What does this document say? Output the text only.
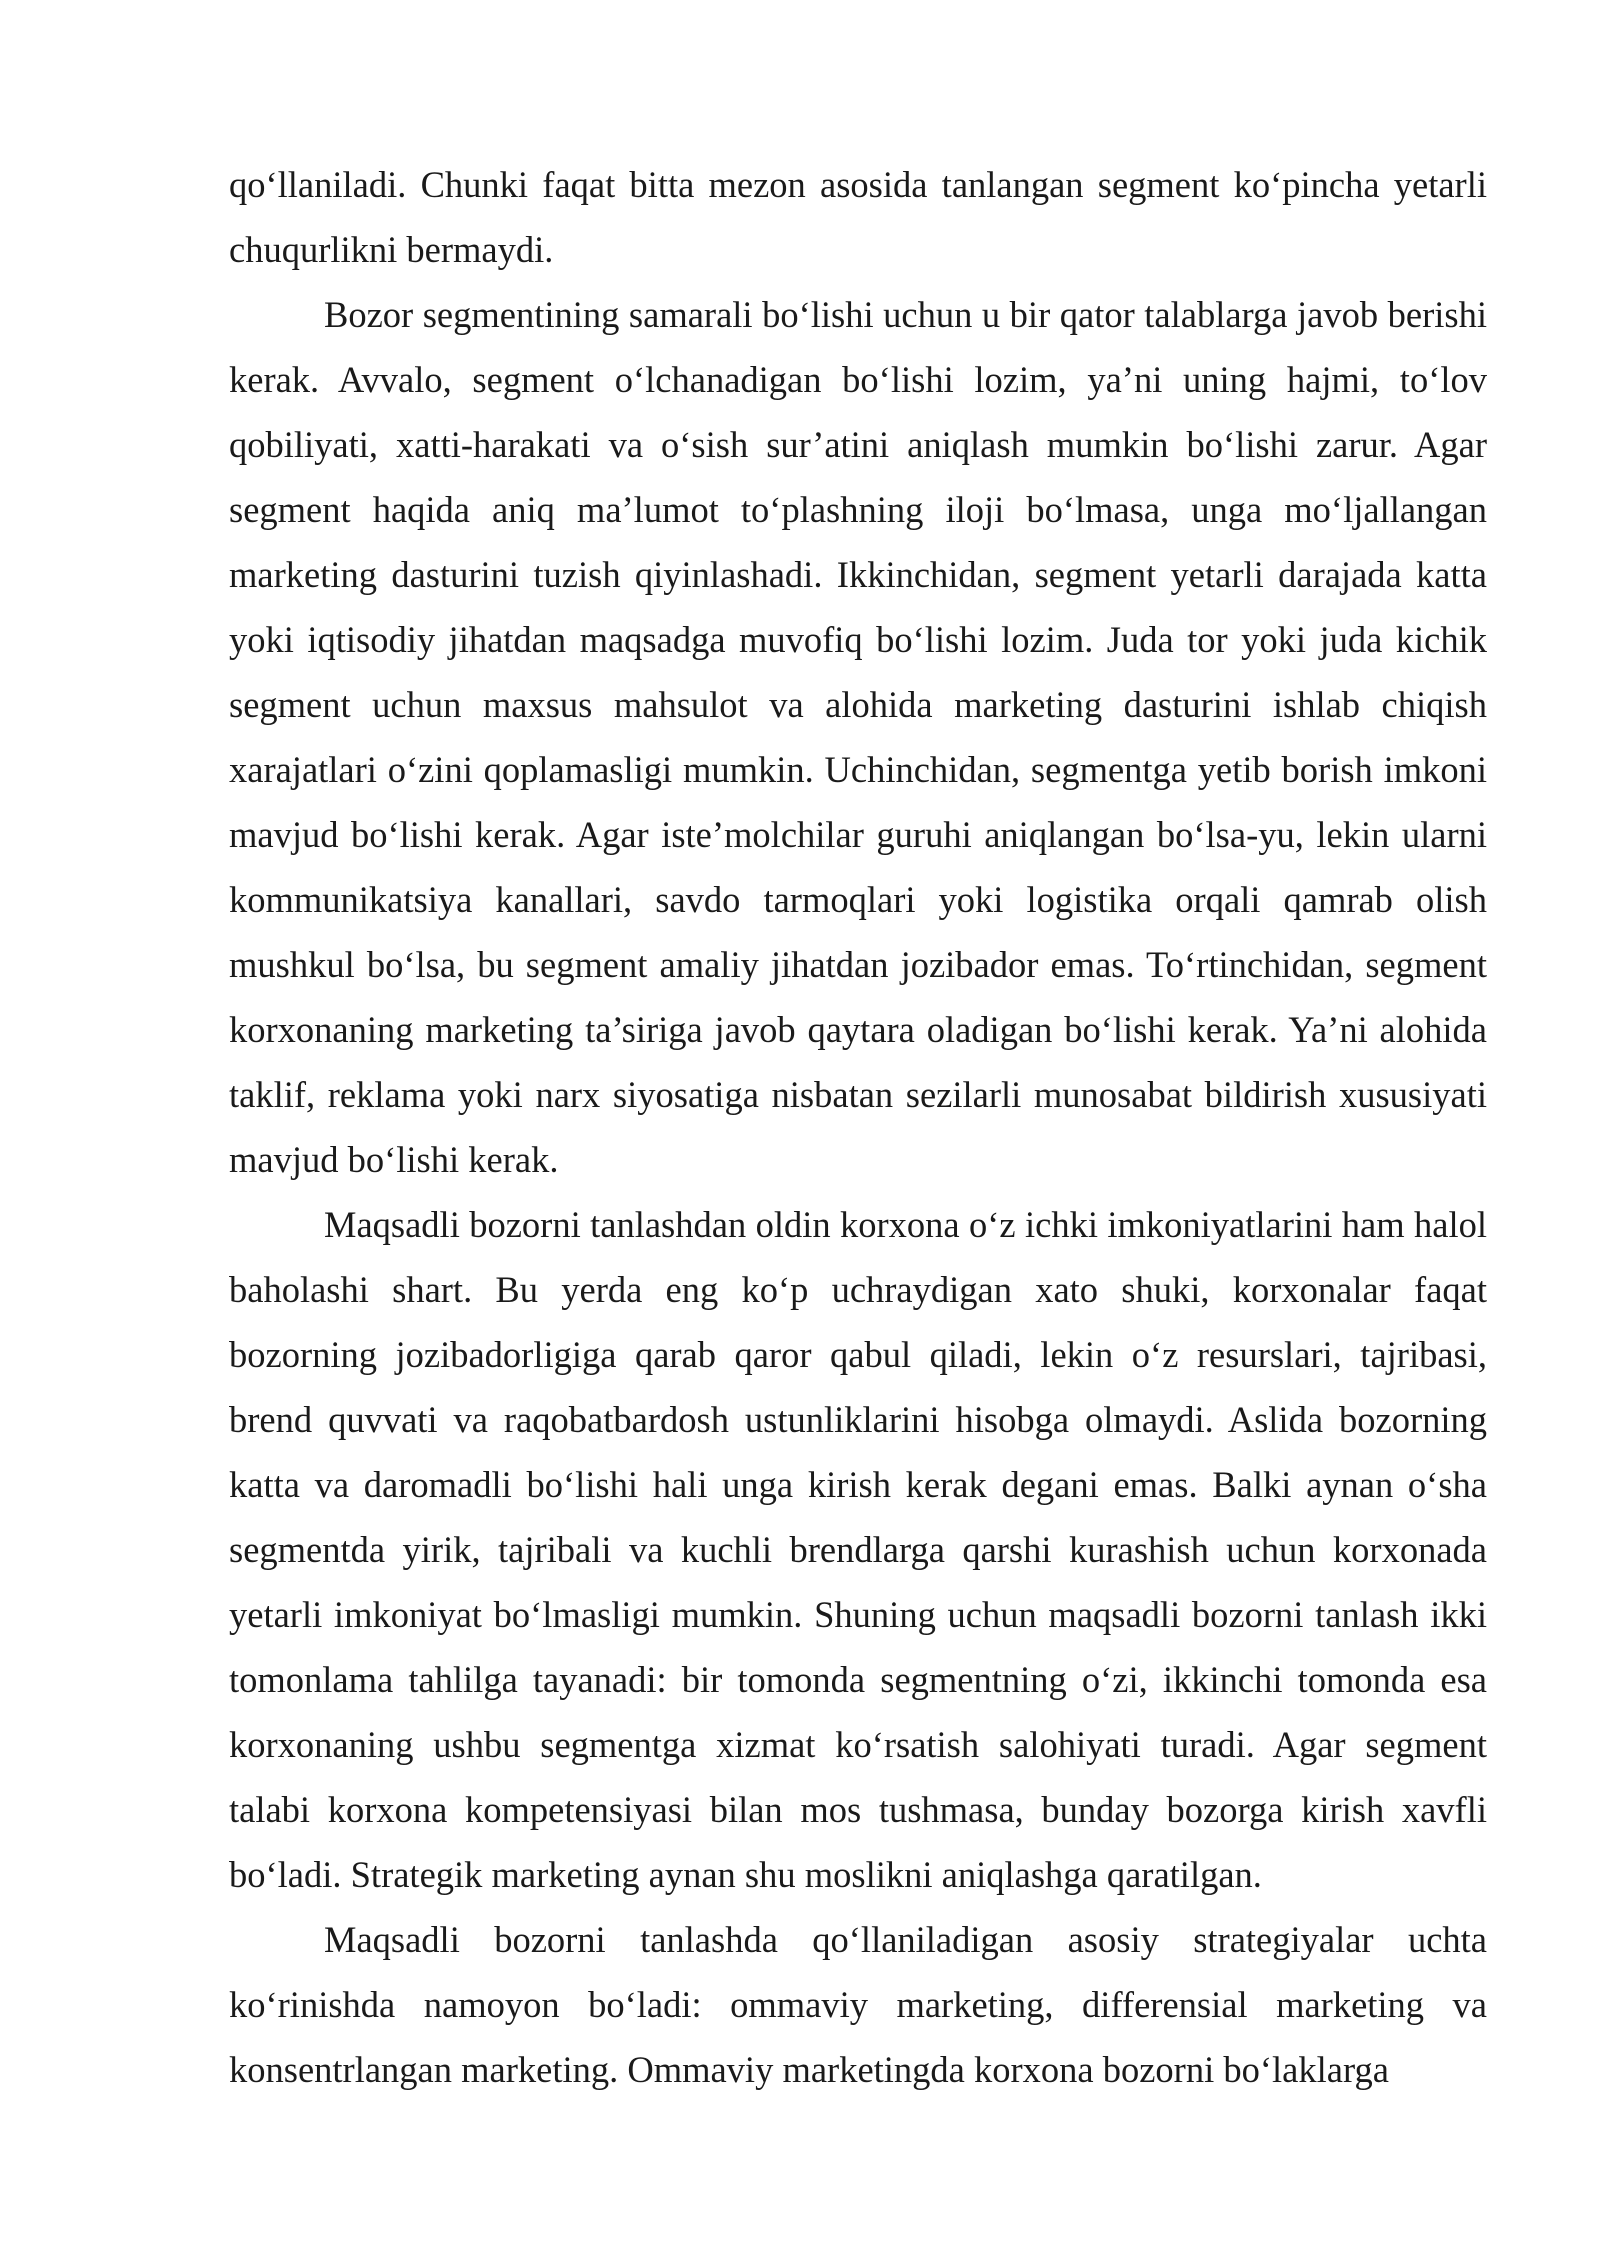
qo‘llaniladi. Chunki faqat bitta mezon asosida tanlangan segment ko‘pincha yetarli chuqurlikni bermaydi.

Bozor segmentining samarali bo‘lishi uchun u bir qator talablarga javob berishi kerak. Avvalo, segment o‘lchanadigan bo‘lishi lozim, ya’ni uning hajmi, to‘lov qobiliyati, xatti-harakati va o‘sish sur’atini aniqlash mumkin bo‘lishi zarur. Agar segment haqida aniq ma’lumot to‘plashning iloji bo‘lmasa, unga mo‘ljallangan marketing dasturini tuzish qiyinlashadi. Ikkinchidan, segment yetarli darajada katta yoki iqtisodiy jihatdan maqsadga muvofiq bo‘lishi lozim. Juda tor yoki juda kichik segment uchun maxsus mahsulot va alohida marketing dasturini ishlab chiqish xarajatlari o‘zini qoplamasligi mumkin. Uchinchidan, segmentga yetib borish imkoni mavjud bo‘lishi kerak. Agar iste’molchilar guruhi aniqlangan bo‘lsa-yu, lekin ularni kommunikatsiya kanallari, savdo tarmoqlari yoki logistika orqali qamrab olish mushkul bo‘lsa, bu segment amaliy jihatdan jozibador emas. To‘rtinchidan, segment korxonaning marketing ta’siriga javob qaytara oladigan bo‘lishi kerak. Ya’ni alohida taklif, reklama yoki narx siyosatiga nisbatan sezilarli munosabat bildirish xususiyati mavjud bo‘lishi kerak.

Maqsadli bozorni tanlashdan oldin korxona o‘z ichki imkoniyatlarini ham halol baholashi shart. Bu yerda eng ko‘p uchraydigan xato shuki, korxonalar faqat bozorning jozibadorligiga qarab qaror qabul qiladi, lekin o‘z resurslari, tajribasi, brend quvvati va raqobatbardosh ustunliklarini hisobga olmaydi. Aslida bozorning katta va daromadli bo‘lishi hali unga kirish kerak degani emas. Balki aynan o‘sha segmentda yirik, tajribali va kuchli brendlarga qarshi kurashish uchun korxonada yetarli imkoniyat bo‘lmasligi mumkin. Shuning uchun maqsadli bozorni tanlash ikki tomonlama tahlilga tayanadi: bir tomonda segmentning o‘zi, ikkinchi tomonda esa korxonaning ushbu segmentga xizmat ko‘rsatish salohiyati turadi. Agar segment talabi korxona kompetensiyasi bilan mos tushmasa, bunday bozorga kirish xavfli bo‘ladi. Strategik marketing aynan shu moslikni aniqlashga qaratilgan.

Maqsadli bozorni tanlashda qo‘llaniladigan asosiy strategiyalar uchta ko‘rinishda namoyon bo‘ladi: ommaviy marketing, differensial marketing va konsentrlangan marketing. Ommaviy marketingda korxona bozorni bo‘laklarga
